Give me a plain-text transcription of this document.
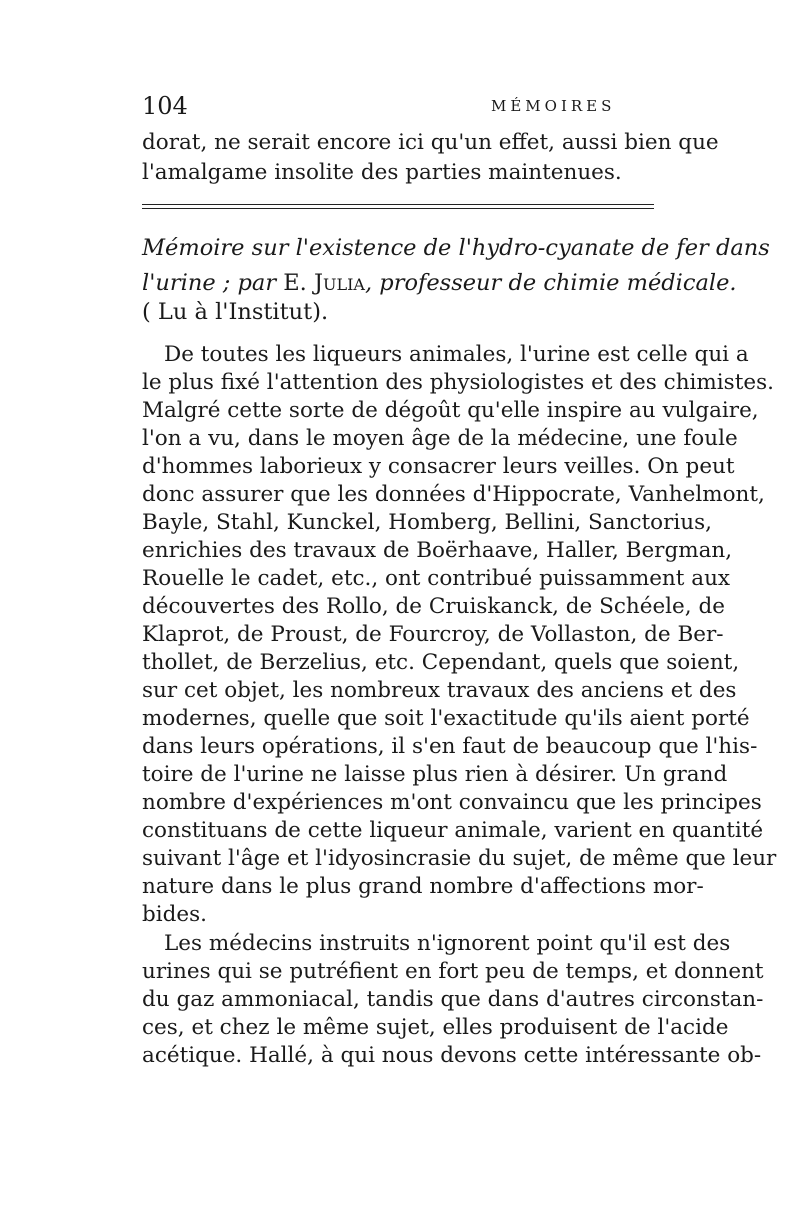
104	MÉMOIRES
dorat, ne serait encore ici qu'un effet, aussi bien que
l'amalgame insolite des parties maintenues.
Mémoire sur l'existence de l'hydro-cyanate de fer dans
l'urine ; par E. Julia, professeur de chimie médicale.
( Lu à l'Institut).
De toutes les liqueurs animales, l'urine est celle qui a
le plus fixé l'attention des physiologistes et des chimistes.
Malgré cette sorte de dégoût qu'elle inspire au vulgaire,
l'on a vu, dans le moyen âge de la médecine, une foule
d'hommes laborieux y consacrer leurs veilles. On peut
donc assurer que les données d'Hippocrate, Vanhelmont,
Bayle, Stahl, Kunckel, Homberg, Bellini, Sanctorius,
enrichies des travaux de Boërhaave, Haller, Bergman,
Rouelle le cadet, etc., ont contribué puissamment aux
découvertes des Rollo, de Cruiskanck, de Schéele, de
Klaprot, de Proust, de Fourcroy, de Vollaston, de Ber-
thollet, de Berzelius, etc. Cependant, quels que soient,
sur cet objet, les nombreux travaux des anciens et des
modernes, quelle que soit l'exactitude qu'ils aient porté
dans leurs opérations, il s'en faut de beaucoup que l'his-
toire de l'urine ne laisse plus rien à désirer. Un grand
nombre d'expériences m'ont convaincu que les principes
constituans de cette liqueur animale, varient en quantité
suivant l'âge et l'idyosincrasie du sujet, de même que leur
nature dans le plus grand nombre d'affections mor-
bides.
Les médecins instruits n'ignorent point qu'il est des
urines qui se putréfient en fort peu de temps, et donnent
du gaz ammoniacal, tandis que dans d'autres circonstan-
ces, et chez le même sujet, elles produisent de l'acide
acétique. Hallé, à qui nous devons cette intéressante ob-
